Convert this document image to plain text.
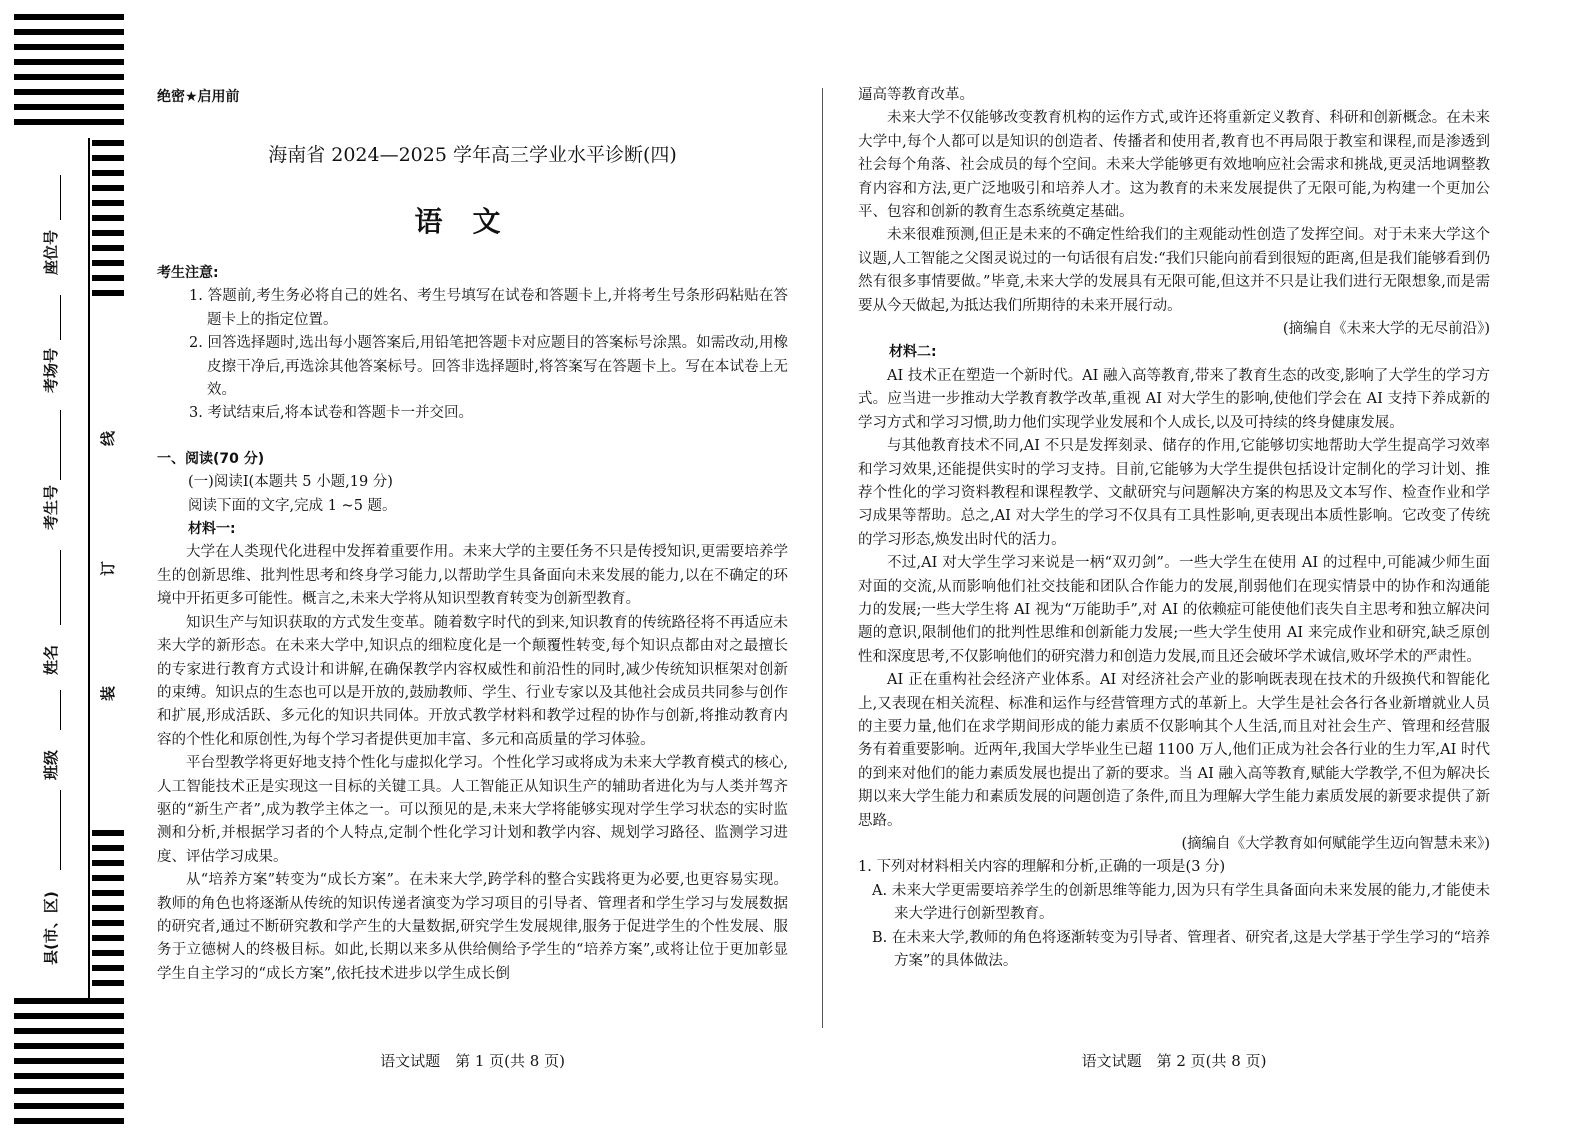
座位号
考场号
考生号
姓名
班级
县(市、区)
线
订
装
绝密★启用前
海南省 2024—2025 学年高三学业水平诊断(四)
语文

考生注意:

1. 答题前,考生务必将自己的姓名、考生号填写在试卷和答题卡上,并将考生号条形码粘贴在答题卡上的指定位置。

2. 回答选择题时,选出每小题答案后,用铅笔把答题卡对应题目的答案标号涂黑。如需改动,用橡皮擦干净后,再选涂其他答案标号。回答非选择题时,将答案写在答题卡上。写在本试卷上无效。

3. 考试结束后,将本试卷和答题卡一并交回。

一、阅读(70 分)

(一)阅读Ⅰ(本题共 5 小题,19 分)

阅读下面的文字,完成 1 ~5 题。

材料一:

大学在人类现代化进程中发挥着重要作用。未来大学的主要任务不只是传授知识,更需要培养学生的创新思维、批判性思考和终身学习能力,以帮助学生具备面向未来发展的能力,以在不确定的环境中开拓更多可能性。概言之,未来大学将从知识型教育转变为创新型教育。

知识生产与知识获取的方式发生变革。随着数字时代的到来,知识教育的传统路径将不再适应未来大学的新形态。在未来大学中,知识点的细粒度化是一个颠覆性转变,每个知识点都由对之最擅长的专家进行教育方式设计和讲解,在确保教学内容权威性和前沿性的同时,减少传统知识框架对创新的束缚。知识点的生态也可以是开放的,鼓励教师、学生、行业专家以及其他社会成员共同参与创作和扩展,形成活跃、多元化的知识共同体。开放式教学材料和教学过程的协作与创新,将推动教育内容的个性化和原创性,为每个学习者提供更加丰富、多元和高质量的学习体验。

平台型教学将更好地支持个性化与虚拟化学习。个性化学习或将成为未来大学教育模式的核心,人工智能技术正是实现这一目标的关键工具。人工智能正从知识生产的辅助者进化为与人类并驾齐驱的“新生产者”,成为教学主体之一。可以预见的是,未来大学将能够实现对学生学习状态的实时监测和分析,并根据学习者的个人特点,定制个性化学习计划和教学内容、规划学习路径、监测学习进度、评估学习成果。

从“培养方案”转变为“成长方案”。在未来大学,跨学科的整合实践将更为必要,也更容易实现。教师的角色也将逐渐从传统的知识传递者演变为学习项目的引导者、管理者和学生学习与发展数据的研究者,通过不断研究教和学产生的大量数据,研究学生发展规律,服务于促进学生的个性发展、服务于立德树人的终极目标。如此,长期以来多从供给侧给予学生的“培养方案”,或将让位于更加彰显学生自主学习的“成长方案”,依托技术进步以学生成长倒

逼高等教育改革。

未来大学不仅能够改变教育机构的运作方式,或许还将重新定义教育、科研和创新概念。在未来大学中,每个人都可以是知识的创造者、传播者和使用者,教育也不再局限于教室和课程,而是渗透到社会每个角落、社会成员的每个空间。未来大学能够更有效地响应社会需求和挑战,更灵活地调整教育内容和方法,更广泛地吸引和培养人才。这为教育的未来发展提供了无限可能,为构建一个更加公平、包容和创新的教育生态系统奠定基础。

未来很难预测,但正是未来的不确定性给我们的主观能动性创造了发挥空间。对于未来大学这个议题,人工智能之父图灵说过的一句话很有启发:“我们只能向前看到很短的距离,但是我们能够看到仍然有很多事情要做。”毕竟,未来大学的发展具有无限可能,但这并不只是让我们进行无限想象,而是需要从今天做起,为抵达我们所期待的未来开展行动。

(摘编自《未来大学的无尽前沿》)

材料二:

AI 技术正在塑造一个新时代。AI 融入高等教育,带来了教育生态的改变,影响了大学生的学习方式。应当进一步推动大学教育教学改革,重视 AI 对大学生的影响,使他们学会在 AI 支持下养成新的学习方式和学习习惯,助力他们实现学业发展和个人成长,以及可持续的终身健康发展。

与其他教育技术不同,AI 不只是发挥刻录、储存的作用,它能够切实地帮助大学生提高学习效率和学习效果,还能提供实时的学习支持。目前,它能够为大学生提供包括设计定制化的学习计划、推荐个性化的学习资料教程和课程教学、文献研究与问题解决方案的构思及文本写作、检查作业和学习成果等帮助。总之,AI 对大学生的学习不仅具有工具性影响,更表现出本质性影响。它改变了传统的学习形态,焕发出时代的活力。

不过,AI 对大学生学习来说是一柄“双刃剑”。一些大学生在使用 AI 的过程中,可能减少师生面对面的交流,从而影响他们社交技能和团队合作能力的发展,削弱他们在现实情景中的协作和沟通能力的发展;一些大学生将 AI 视为“万能助手”,对 AI 的依赖症可能使他们丧失自主思考和独立解决问题的意识,限制他们的批判性思维和创新能力发展;一些大学生使用 AI 来完成作业和研究,缺乏原创性和深度思考,不仅影响他们的研究潜力和创造力发展,而且还会破坏学术诚信,败坏学术的严肃性。

AI 正在重构社会经济产业体系。AI 对经济社会产业的影响既表现在技术的升级换代和智能化上,又表现在相关流程、标准和运作与经营管理方式的革新上。大学生是社会各行各业新增就业人员的主要力量,他们在求学期间形成的能力素质不仅影响其个人生活,而且对社会生产、管理和经营服务有着重要影响。近两年,我国大学毕业生已超 1100 万人,他们正成为社会各行业的生力军,AI 时代的到来对他们的能力素质发展也提出了新的要求。当 AI 融入高等教育,赋能大学教学,不但为解决长期以来大学生能力和素质发展的问题创造了条件,而且为理解大学生能力素质发展的新要求提供了新思路。

(摘编自《大学教育如何赋能学生迈向智慧未来》)

1. 下列对材料相关内容的理解和分析,正确的一项是(3 分)

A. 未来大学更需要培养学生的创新思维等能力,因为只有学生具备面向未来发展的能力,才能使未来大学进行创新型教育。

B. 在未来大学,教师的角色将逐渐转变为引导者、管理者、研究者,这是大学基于学生学习的“培养方案”的具体做法。

语文试题　第 1 页(共 8 页)	语文试题　第 2 页(共 8 页)
